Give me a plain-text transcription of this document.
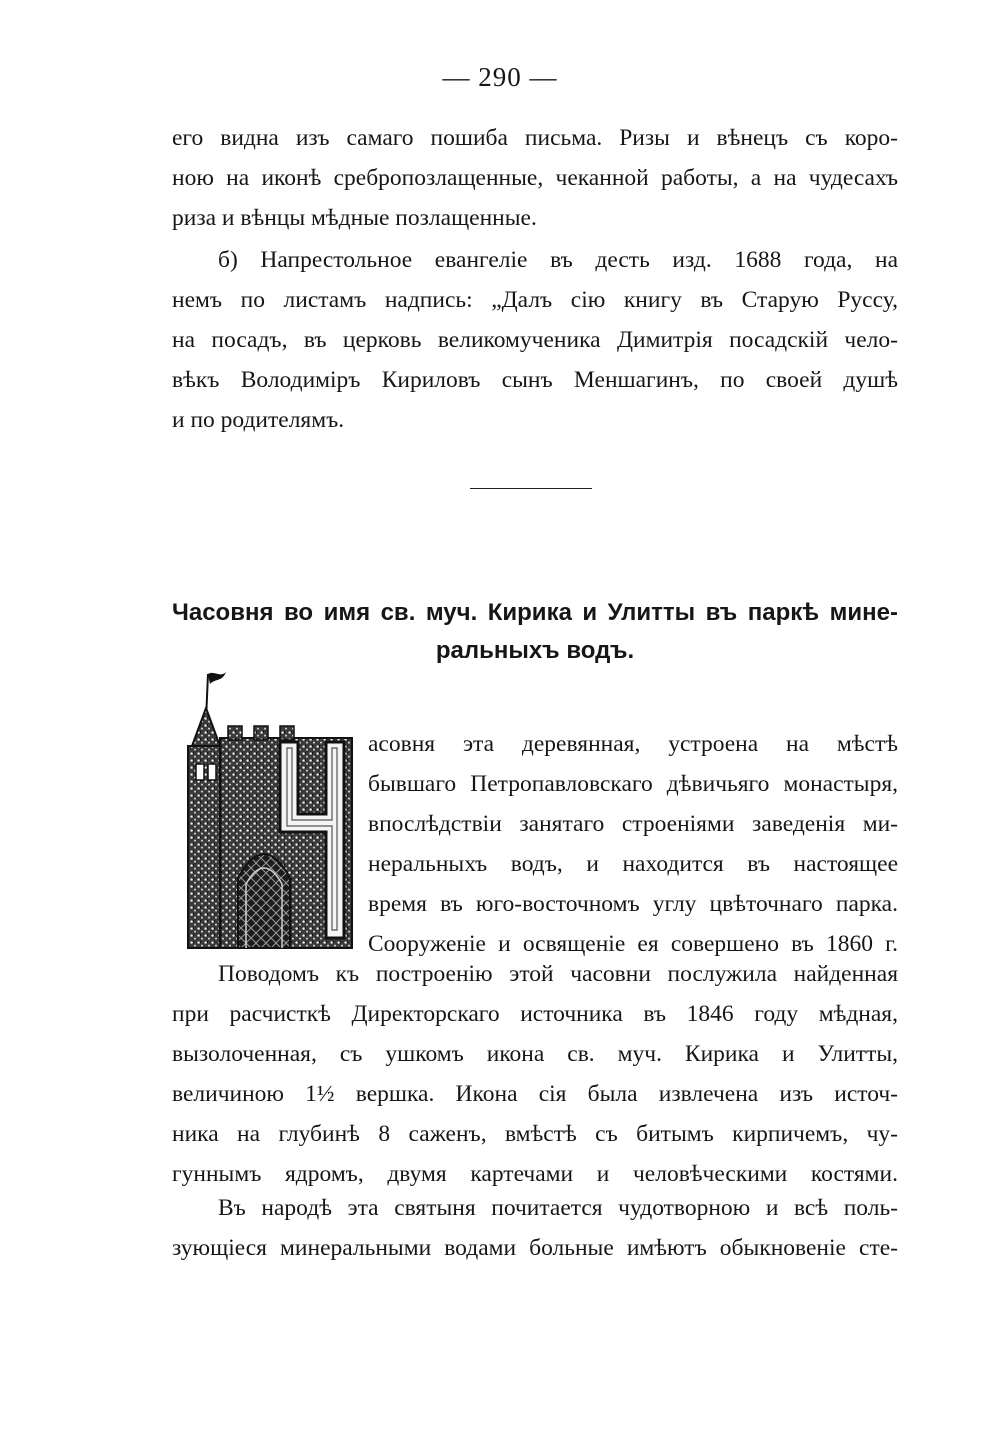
— 290 —
его видна изъ самаго пошиба письма. Ризы и вѣнецъ съ коро-
ною на иконѣ сребропозлащенные, чеканной работы, а на чудесахъ
риза и вѣнцы мѣдные позлащенные.
б) Напрестольное евангеліе въ десть изд. 1688 года, на
немъ по листамъ надпись: „Далъ сію книгу въ Старую Руссу,
на посадъ, въ церковь великомученика Димитрія посадскій чело-
вѣкъ Володиміръ Кириловъ сынъ Меншагинъ, по своей душѣ
и по родителямъ.
Часовня во имя св. муч. Кирика и Улитты въ паркѣ мине-
ральныхъ водъ.
асовня эта деревянная, устроена на мѣстѣ
бывшаго Петропавловскаго дѣвичьяго монастыря,
впослѣдствіи занятаго строеніями заведенія ми-
неральныхъ водъ, и находится въ настоящее
время въ юго-восточномъ углу цвѣточнаго парка.
Сооруженіе и освященіе ея совершено въ 1860 г.
Поводомъ къ построенію этой часовни послужила найденная
при расчисткѣ Директорскаго источника въ 1846 году мѣдная,
вызолоченная, съ ушкомъ икона св. муч. Кирика и Улитты,
величиною 1½ вершка. Икона сія была извлечена изъ источ-
ника на глубинѣ 8 саженъ, вмѣстѣ съ битымъ кирпичемъ, чу-
гуннымъ ядромъ, двумя картечами и человѣческими костями.
Въ народѣ эта святыня почитается чудотворною и всѣ поль-
зующіеся минеральными водами больные имѣютъ обыкновеніе сте-
